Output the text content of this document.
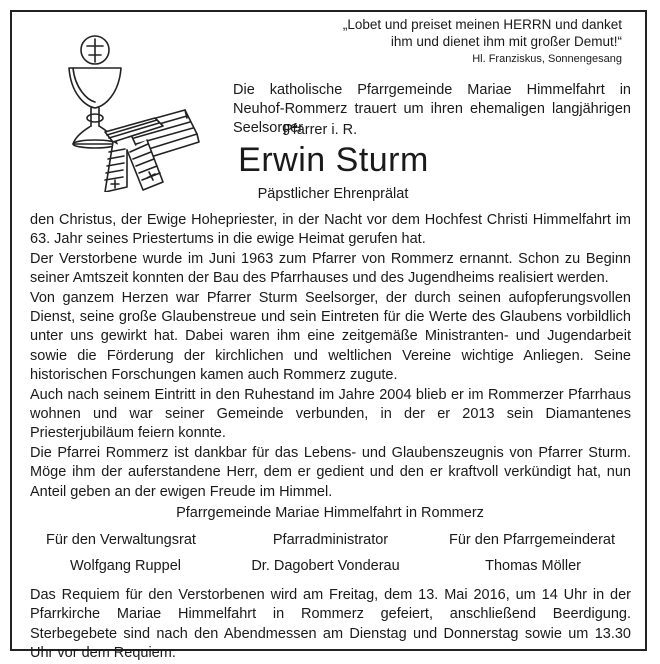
„Lobet und preiset meinen HERRN und danket
ihm und dienet ihm mit großer Demut!“
Hl. Franziskus, Sonnengesang
Die katholische Pfarrgemeinde Mariae Himmelfahrt in Neuhof-Rommerz trauert um ihren ehemaligen langjährigen Seelsorger
Pfarrer i. R.
Erwin Sturm
Päpstlicher Ehrenprälat

den Christus, der Ewige Hohepriester, in der Nacht vor dem Hochfest Christi Himmelfahrt im 63. Jahr seines Priestertums in die ewige Heimat gerufen hat.

Der Verstorbene wurde im Juni 1963 zum Pfarrer von Rommerz ernannt. Schon zu Beginn seiner Amtszeit konnten der Bau des Pfarrhauses und des Jugendheims realisiert werden.

Von ganzem Herzen war Pfarrer Sturm Seelsorger, der durch seinen aufopferungsvollen Dienst, seine große Glaubenstreue und sein Eintreten für die Werte des Glaubens vorbildlich unter uns gewirkt hat. Dabei waren ihm eine zeitgemäße Ministranten- und Jugendarbeit sowie die Förderung der kirchlichen und weltlichen Vereine wichtige Anliegen. Seine historischen Forschungen kamen auch Rommerz zugute.

Auch nach seinem Eintritt in den Ruhestand im Jahre 2004 blieb er im Rommerzer Pfarrhaus wohnen und war seiner Gemeinde verbunden, in der er 2013 sein Diamantenes Priesterjubiläum feiern konnte.

Die Pfarrei Rommerz ist dankbar für das Lebens- und Glaubenszeugnis von Pfarrer Sturm. Möge ihm der auferstandene Herr, dem er gedient und den er kraftvoll verkündigt hat, nun Anteil geben an der ewigen Freude im Himmel.

Pfarrgemeinde Mariae Himmelfahrt in Rommerz
Für den Verwaltungsrat	Pfarradministrator	Für den Pfarrgemeinderat
Wolfgang Ruppel	Dr. Dagobert Vonderau	Thomas Möller
Das Requiem für den Verstorbenen wird am Freitag, dem 13. Mai 2016, um 14 Uhr in der Pfarrkirche Mariae Himmelfahrt in Rommerz gefeiert, anschließend Beerdigung. Sterbegebete sind nach den Abendmessen am Dienstag und Donnerstag sowie um 13.30 Uhr vor dem Requiem.
